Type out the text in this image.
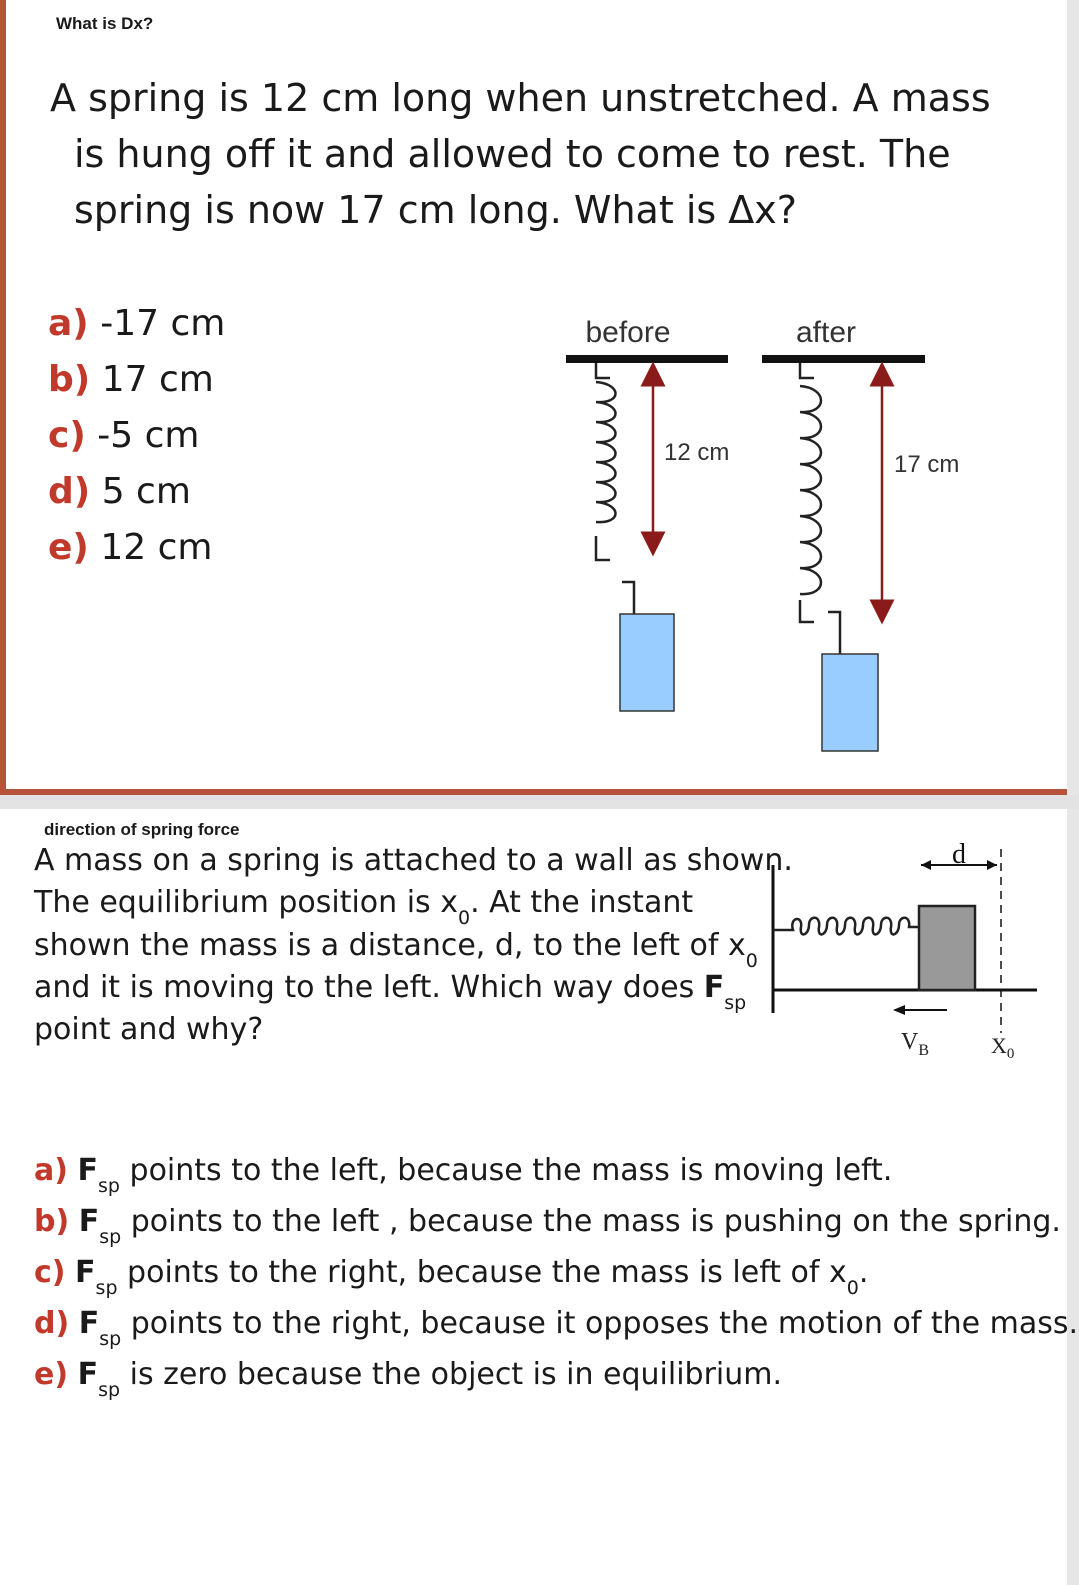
What is Dx?
A spring is 12 cm long when unstretched. A mass
is hung off it and allowed to come to rest. The
spring is now 17 cm long. What is Δx?
a) -17 cm
b) 17 cm
c) -5 cm
d) 5 cm
e) 12 cm
before	after
12 cm	17 cm
direction of spring force
A mass on a spring is attached to a wall as shown.
The equilibrium position is $x_0$. At the instant
shown the mass is a distance, d, to the left of $x_0$
and it is moving to the left. Which way does $F_{sp}$
point and why?
d
$V_B$	$X_0$
a) $F_{sp}$ points to the left, because the mass is moving left.
b) $F_{sp}$ points to the left , because the mass is pushing on the spring.
c) $F_{sp}$ points to the right, because the mass is left of $x_0$.
d) $F_{sp}$ points to the right, because it opposes the motion of the mass.
e) $F_{sp}$ is zero because the object is in equilibrium.
